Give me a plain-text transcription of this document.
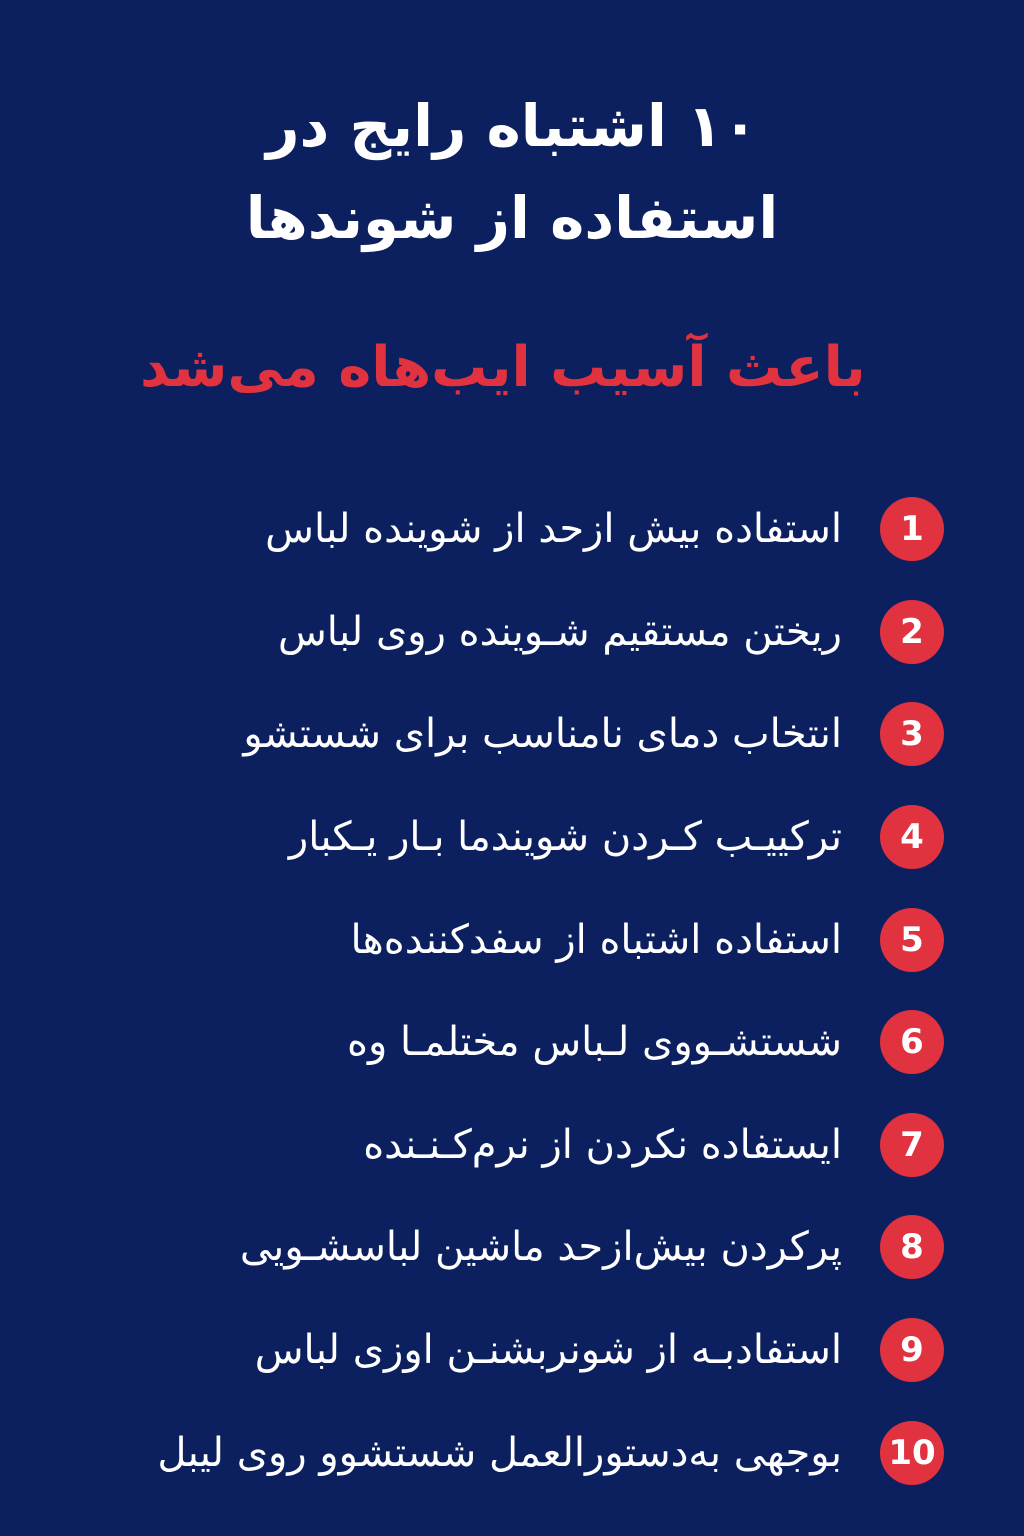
۱۰ اشتباه رایج در

استفاده از شوندها

باعث آسیب ایب‌هاه می‌شد

1
استفاده بیش ازحد از شوینده لباس
2
ریختن مستقیم شـوینده روی لباس
3
انتخاب دمای نامناسب برای شستشو
4
ترکییـب کـردن شویندما بـار یـکبار
5
استفاده اشتباه از سفدکننده‌ها
6
شستشـووی لـباس مختلمـا وه
7
ایستفاده نکردن از نرم‌کـنـنده
8
پرکردن بیش‌ازحد ماشین لباسشـویی
9
استفادبـه از شونربشنـن اوزی لباس
10
بوجهی به‌دستورالعمل شستشوو روی لیبل
